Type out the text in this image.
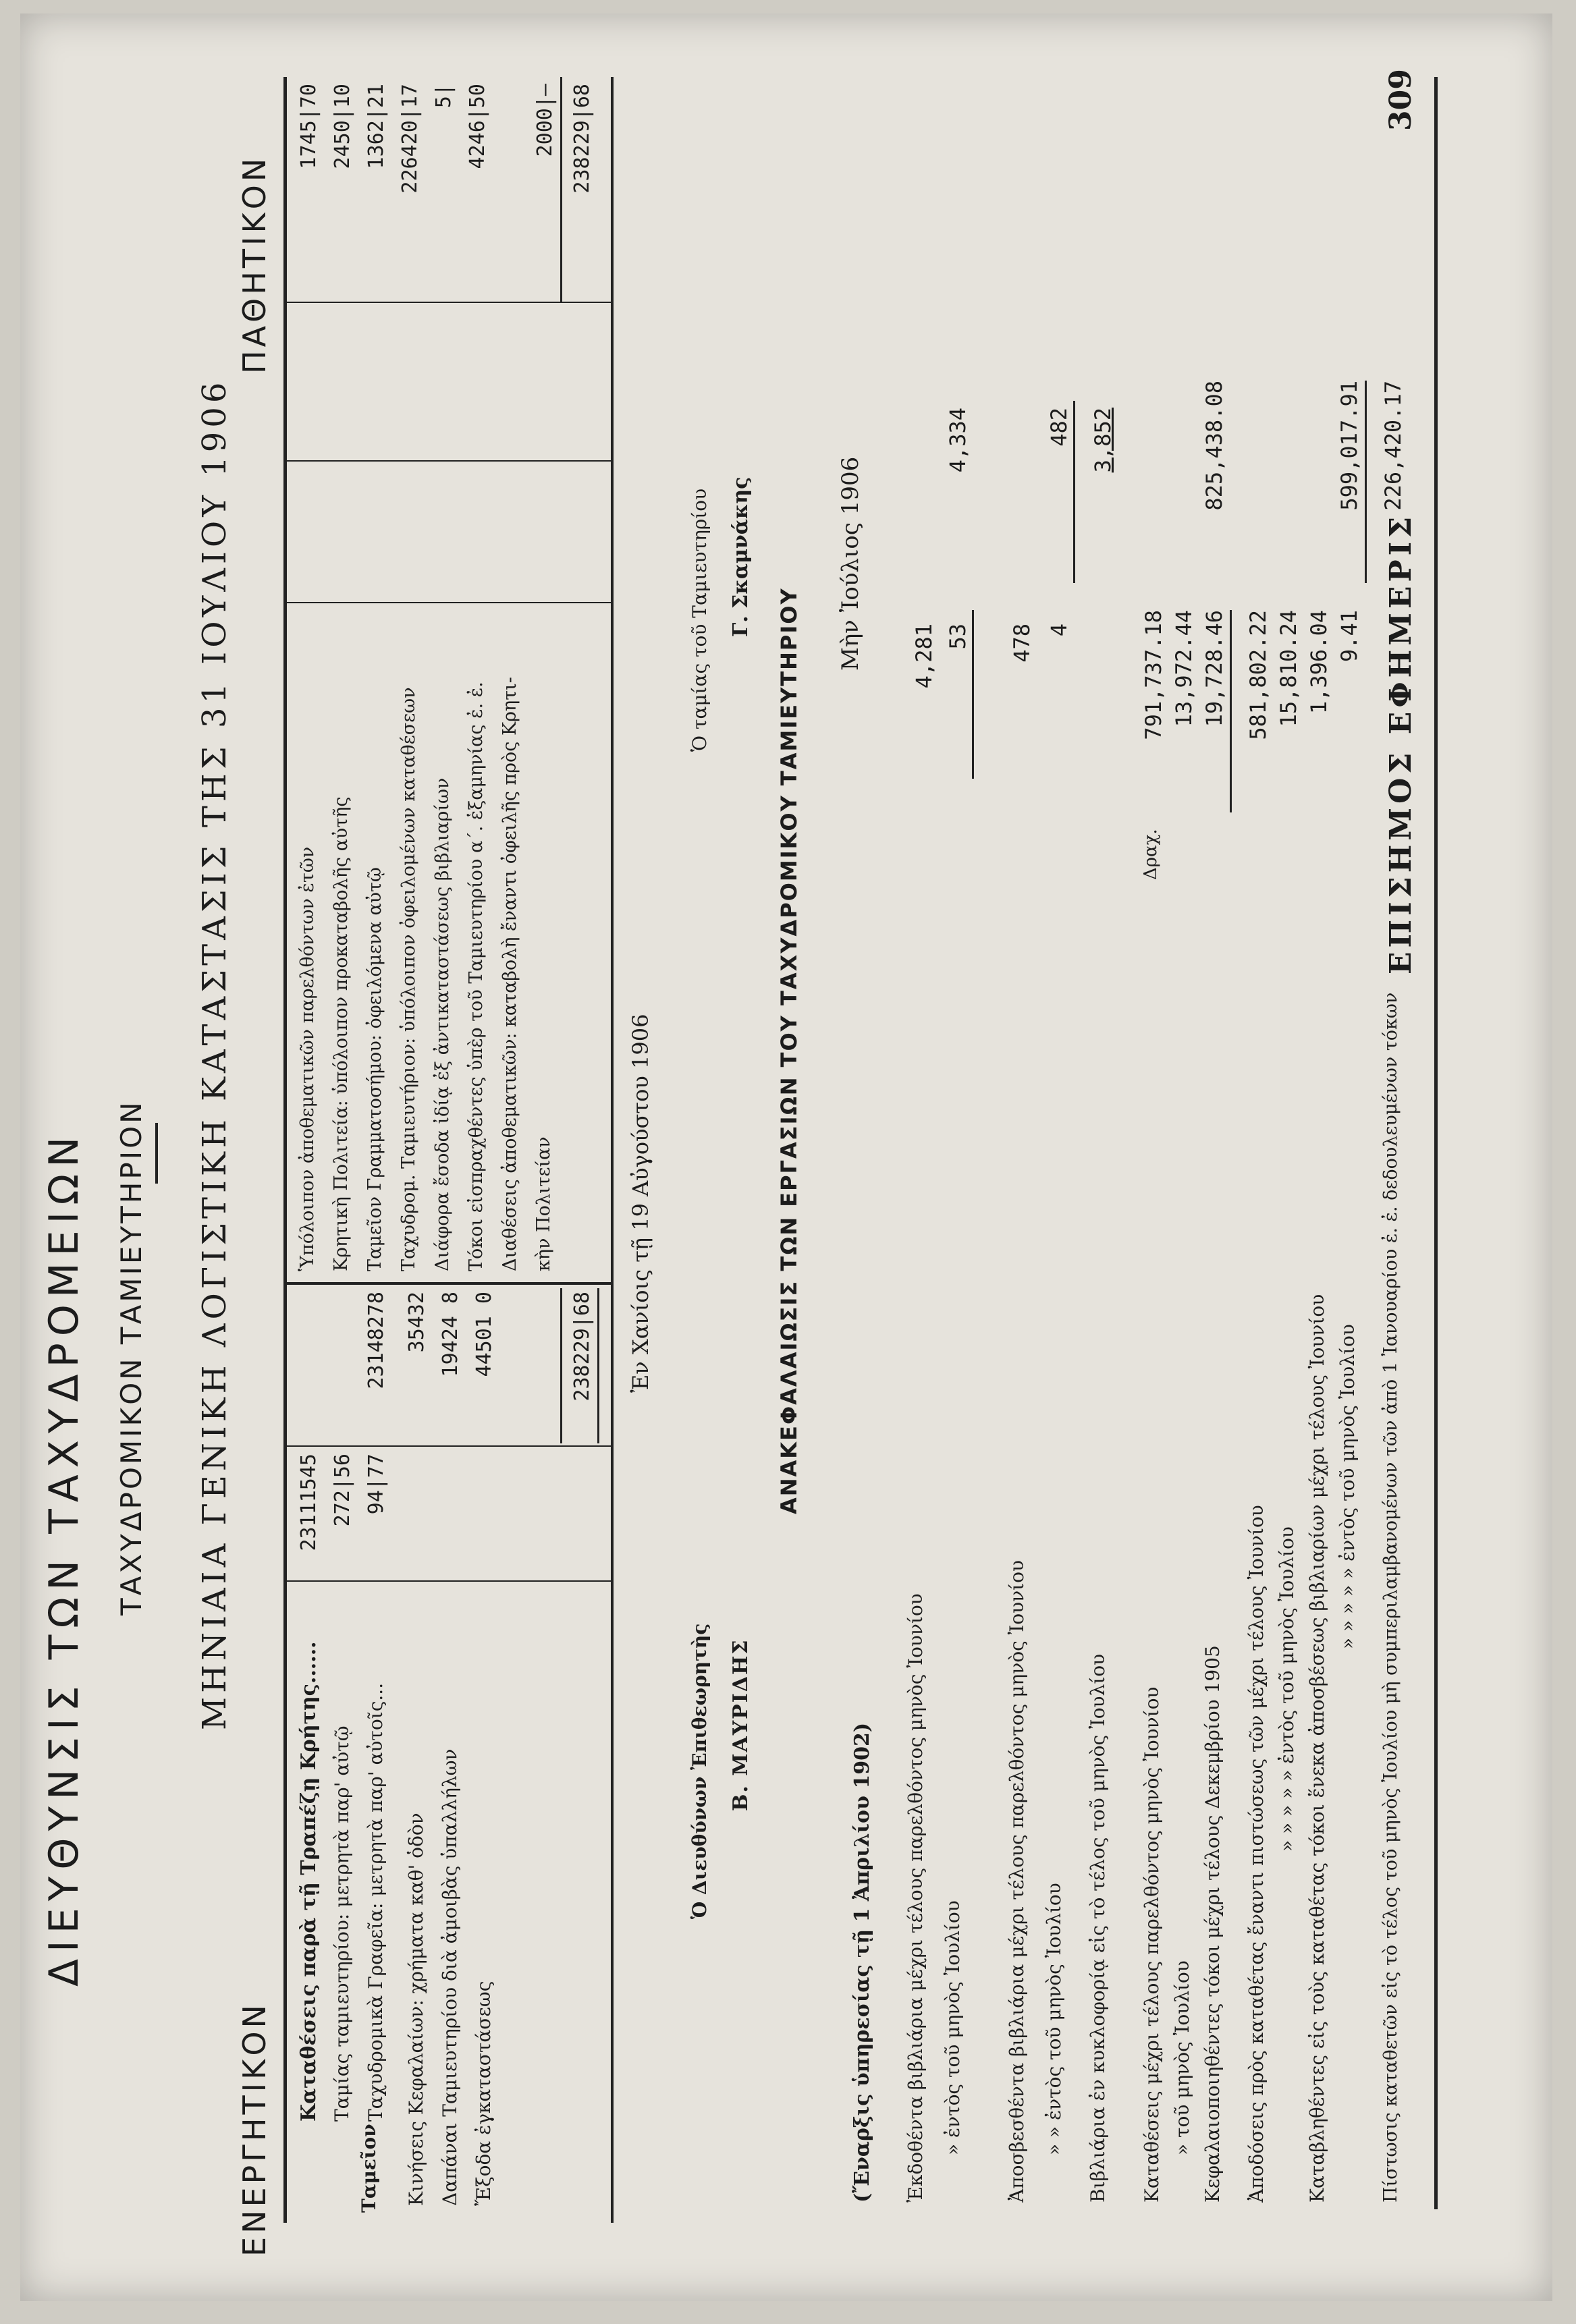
ΕΠΙΣΗΜΟΣ ΕΦΗΜΕΡΙΣ
309
ΔΙΕΥΘΥΝΣΙΣ ΤΩΝ ΤΑΧΥΔΡΟΜΕΙΩΝ ΤΑΧΥΔΡΟΜΙΚΟΝ ΤΑΜΙΕΥΤΗΡΙΟΝ ΜΗΝΙΑΙΑ ΓΕΝΙΚΗ ΛΟΓΙΣΤΙΚΗ ΚΑΤΑΣΤΑΣΙΣ ΤΗΣ 31 ΙΟΥΛΙΟΥ 1906
ΕΝΕΡΓΗΤΙΚΟΝ
ΠΑΘΗΤΙΚΟΝ
Ταμεῖον
Καταθέσεις παρὰ τῇ Τραπέζῃ Κρήτης...... Ταμίας ταμιευτηρίου: μετρητὰ παρ' αὐτῷ Ταχυδρομικὰ Γραφεῖα: μετρητὰ παρ' αὐτοῖς... Κινήσεις Κεφαλαίων: χρήματα καθ' ὁδὸν Δαπάναι Ταμιευτηρίου διὰ ἀμοιβὰς ὑπαλλήλων Ἔξοδα ἐγκαταστάσεως
23111545 272|56 94|77
23148278 35432 19424 8 44501 0	238229|68
Ὑπόλοιπον ἀποθεματικῶν παρελθόντων ἐτῶν Κρητικὴ Πολιτεία: ὑπόλοιπον προκαταβολῆς αὐτῆς Ταμεῖον Γραμματοσήμου: ὀφειλόμενα αὐτῷ Ταχυδρομ. Ταμιευτήριον: ὑπόλοιπον ὀφειλομένων καταθέσεων Διάφορα ἔσοδα ἰδίᾳ ἐξ ἀντικαταστάσεως βιβλιαρίων Τόκοι εἰσπραχθέντες ὑπὲρ τοῦ Ταμιευτηρίου α΄. ἑξαμηνίας ἐ. ἐ. Διαθέσεις ἀποθεματικῶν: καταβολὴ ἔναντι ὀφειλῆς πρὸς Κρητι- κὴν Πολιτείαν
1745|70 2450|10 1362|21 226420|17 5| 4246|50 2000|— 238229|68
Ἐν Χανίοις τῇ 19 Αὐγούστου 1906
Ὁ Διευθύνων Ἐπιθεωρητὴς Β. ΜΑΥΡΙΔΗΣ
Ὁ ταμίας τοῦ Ταμιευτηρίου Γ. Σκαμνάκης
ΑΝΑΚΕΦΑΛΑΙΩΣΙΣ ΤΩΝ ΕΡΓΑΣΙΩΝ ΤΟΥ ΤΑΧΥΔΡΟΜΙΚΟΥ ΤΑΜΙΕΥΤΗΡΙΟΥ
(Ἔναρξις ὑπηρεσίας τῇ 1 Ἀπριλίου 1902)
Μὴν Ἰούλιος 1906
Ἐκδοθέντα βιβλιάρια μέχρι τέλους παρελθόντος μηνὸς Ἰουνίου
4,281
» ἐντὸς τοῦ μηνὸς Ἰουλίου
53
4,334
Ἀποσβεσθέντα βιβλιάρια μέχρι τέλους παρελθόντος μηνὸς Ἰουνίου
478
» » ἐντὸς τοῦ μηνὸς Ἰουλίου
4
482
Βιβλιάρια ἐν κυκλοφορίᾳ εἰς τὸ τέλος τοῦ μηνὸς Ἰουλίου
3,852
Καταθέσεις μέχρι τέλους παρελθόντος μηνὸς Ἰουνίου
Δραχ.
791,737.18
» τοῦ μηνὸς Ἰουλίου
13,972.44
Κεφαλαιοποιηθέντες τόκοι μέχρι τέλους Δεκεμβρίου 1905
19,728.46
825,438.08
Ἀποδόσεις πρὸς καταθέτας ἔναντι πιστώσεως τῶν μέχρι τέλους Ἰουνίου
581,802.22
» » » » » ἐντὸς τοῦ μηνὸς Ἰουλίου
15,810.24
Καταβληθέντες εἰς τοὺς καταθέτας τόκοι ἕνεκα ἀποσβέσεως βιβλιαρίων μέχρι τέλους Ἰουνίου
1,396.04
» » » » » ἐντὸς τοῦ μηνὸς Ἰουλίου
9.41
599,017.91
Πίστωσις καταθετῶν εἰς τὸ τέλος τοῦ μηνὸς Ἰουλίου μὴ συμπεριλαμβανομένων τῶν ἀπὸ 1 Ἰανουαρίου ἐ. ἐ. δεδουλευμένων τόκων
226,420.17
